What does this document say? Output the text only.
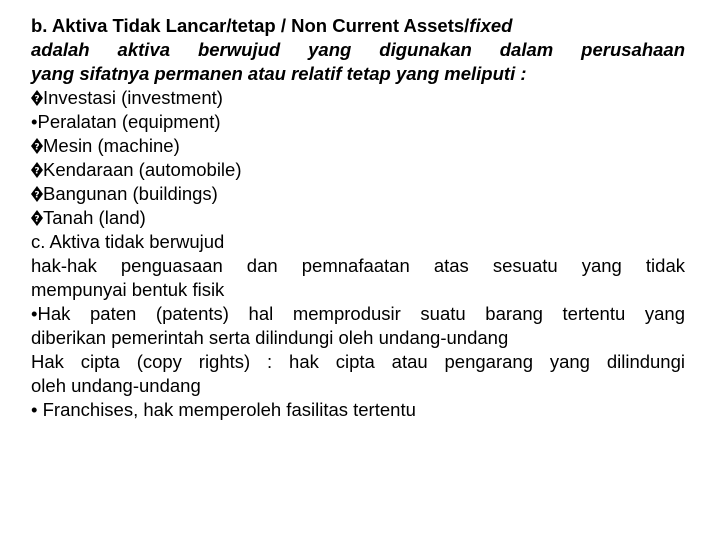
b. Aktiva Tidak Lancar/tetap / Non Current Assets/fixed
adalah aktiva berwujud yang digunakan dalam perusahaan
yang sifatnya permanen atau relatif tetap yang meliputi :
? Investasi (investment)
•Peralatan (equipment)
? Mesin (machine)
? Kendaraan (automobile)
? Bangunan (buildings)
? Tanah (land)
c. Aktiva tidak berwujud
hak-hak penguasaan dan pemnafaatan atas sesuatu yang tidak
mempunyai bentuk fisik
•Hak paten (patents) hal memprodusir suatu barang tertentu yang
diberikan pemerintah serta dilindungi oleh undang-undang
Hak cipta (copy rights) : hak cipta atau pengarang yang dilindungi
oleh undang-undang
• Franchises, hak memperoleh fasilitas tertentu
